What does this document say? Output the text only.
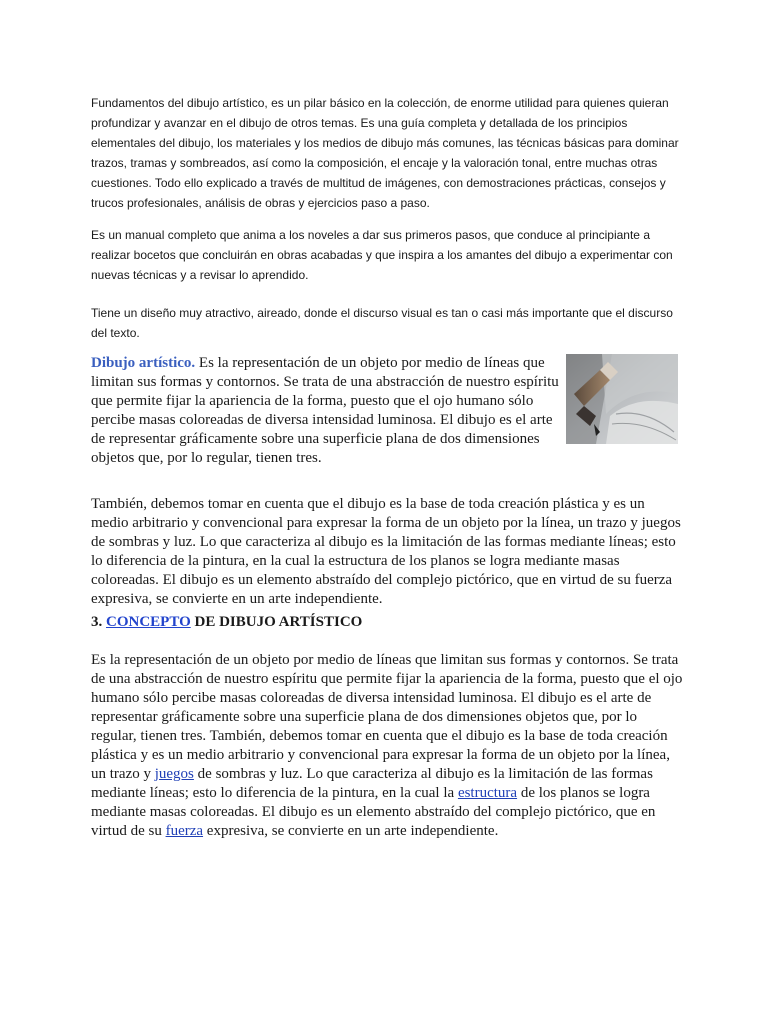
Fundamentos del dibujo artístico, es un pilar básico en la colección, de enorme utilidad para quienes quieran profundizar y avanzar en el dibujo de otros temas. Es una guía completa y detallada de los principios elementales del dibujo, los materiales y los medios de dibujo más comunes, las técnicas básicas para dominar trazos, tramas y sombreados, así como la composición, el encaje y la valoración tonal, entre muchas otras cuestiones. Todo ello explicado a través de multitud de imágenes, con demostraciones prácticas, consejos y trucos profesionales, análisis de obras y ejercicios paso a paso.

Es un manual completo que anima a los noveles a dar sus primeros pasos, que conduce al principiante a realizar bocetos que concluirán en obras acabadas y que inspira a los amantes del dibujo a experimentar con nuevas técnicas y a revisar lo aprendido.

Tiene un diseño muy atractivo, aireado, donde el discurso visual es tan o casi más importante que el discurso del texto.

Dibujo artístico. Es la representación de un objeto por medio de líneas que limitan sus formas y contornos. Se trata de una abstracción de nuestro espíritu que permite fijar la apariencia de la forma, puesto que el ojo humano sólo percibe masas coloreadas de diversa intensidad luminosa. El dibujo es el arte de representar gráficamente sobre una superficie plana de dos dimensiones objetos que, por lo regular, tienen tres.

También, debemos tomar en cuenta que el dibujo es la base de toda creación plástica y es un medio arbitrario y convencional para expresar la forma de un objeto por la línea, un trazo y juegos de sombras y luz. Lo que caracteriza al dibujo es la limitación de las formas mediante líneas; esto lo diferencia de la pintura, en la cual la estructura de los planos se logra mediante masas coloreadas. El dibujo es un elemento abstraído del complejo pictórico, que en virtud de su fuerza expresiva, se convierte en un arte independiente.

3. CONCEPTO DE DIBUJO ARTÍSTICO

Es la representación de un objeto por medio de líneas que limitan sus formas y contornos. Se trata de una abstracción de nuestro espíritu que permite fijar la apariencia de la forma, puesto que el ojo humano sólo percibe masas coloreadas de diversa intensidad luminosa. El dibujo es el arte de representar gráficamente sobre una superficie plana de dos dimensiones objetos que, por lo regular, tienen tres. También, debemos tomar en cuenta que el dibujo es la base de toda creación plástica y es un medio arbitrario y convencional para expresar la forma de un objeto por la línea, un trazo y juegos de sombras y luz. Lo que caracteriza al dibujo es la limitación de las formas mediante líneas; esto lo diferencia de la pintura, en la cual la estructura de los planos se logra mediante masas coloreadas. El dibujo es un elemento abstraído del complejo pictórico, que en virtud de su fuerza expresiva, se convierte en un arte independiente.
